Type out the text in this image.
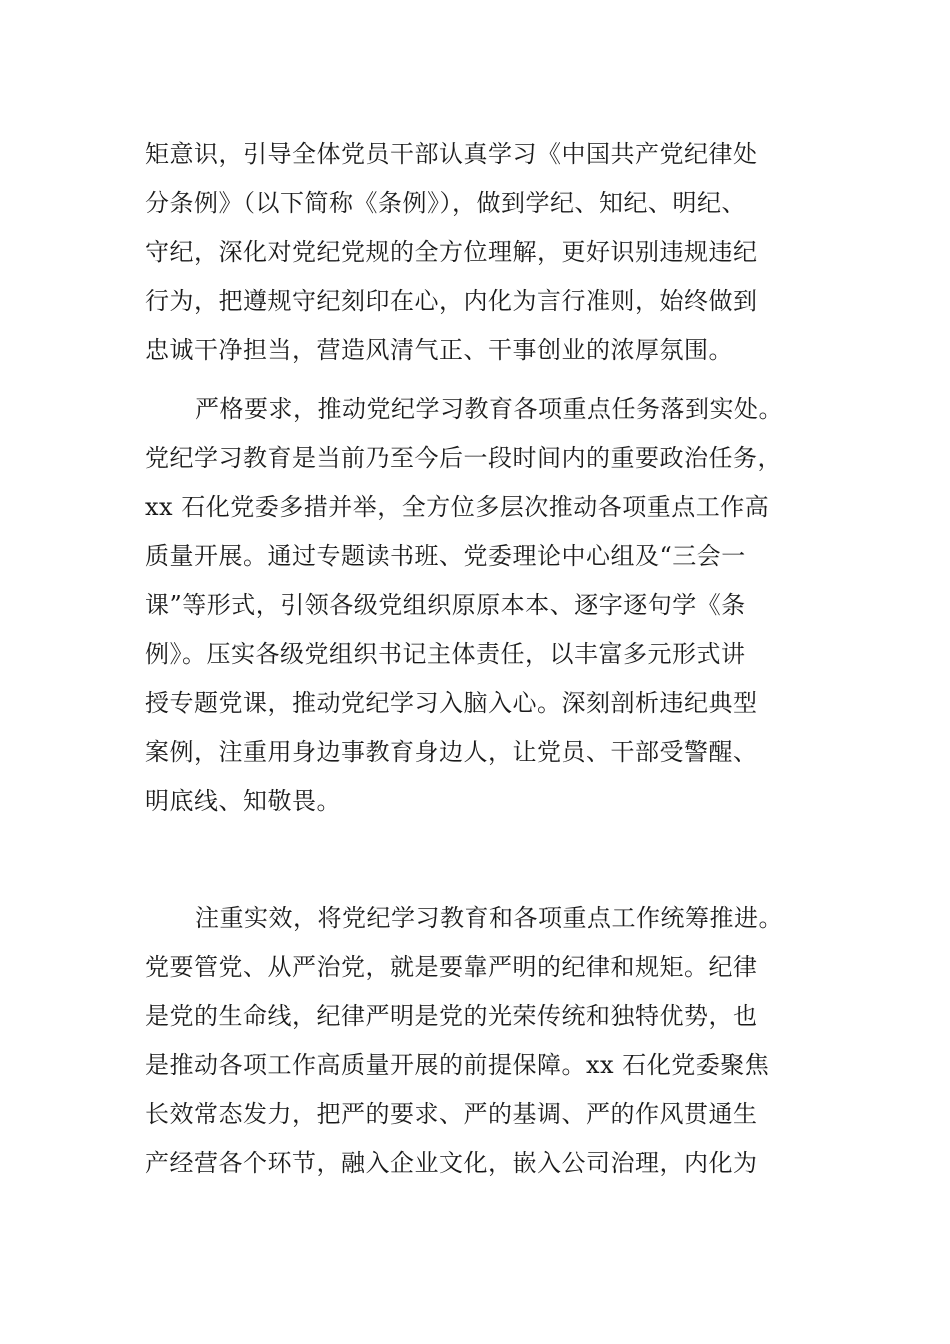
矩意识，引导全体党员干部认真学习《中国共产党纪律处
分条例》（以下简称《条例》），做到学纪、知纪、明纪、
守纪，深化对党纪党规的全方位理解，更好识别违规违纪
行为，把遵规守纪刻印在心，内化为言行准则，始终做到
忠诚干净担当，营造风清气正、干事创业的浓厚氛围。
严格要求，推动党纪学习教育各项重点任务落到实处。
党纪学习教育是当前乃至今后一段时间内的重要政治任务，
xx 石化党委多措并举，全方位多层次推动各项重点工作高
质量开展。通过专题读书班、党委理论中心组及“三会一
课”等形式，引领各级党组织原原本本、逐字逐句学《条
例》。压实各级党组织书记主体责任，以丰富多元形式讲
授专题党课，推动党纪学习入脑入心。深刻剖析违纪典型
案例，注重用身边事教育身边人，让党员、干部受警醒、
明底线、知敬畏。
注重实效，将党纪学习教育和各项重点工作统筹推进。
党要管党、从严治党，就是要靠严明的纪律和规矩。纪律
是党的生命线，纪律严明是党的光荣传统和独特优势，也
是推动各项工作高质量开展的前提保障。xx 石化党委聚焦
长效常态发力，把严的要求、严的基调、严的作风贯通生
产经营各个环节，融入企业文化，嵌入公司治理，内化为
